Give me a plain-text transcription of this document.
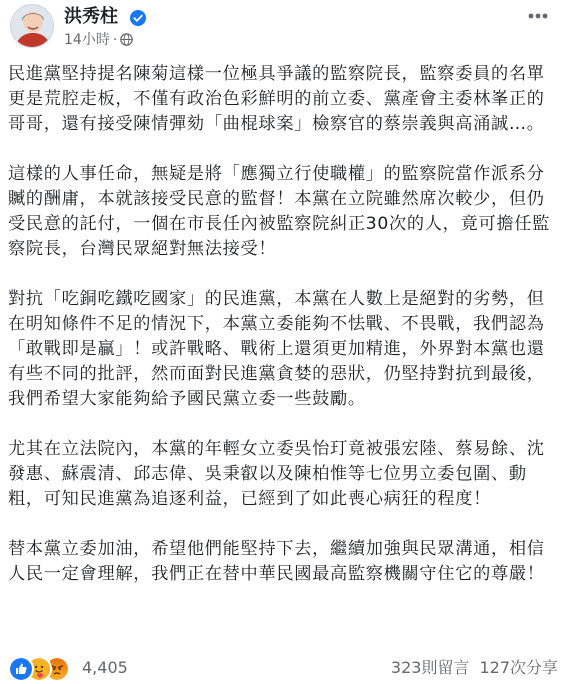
洪秀柱
14小時 ·

民進黨堅持提名陳菊這樣一位極具爭議的監察院長，監察委員的名單更是荒腔走板，不僅有政治色彩鮮明的前立委、黨產會主委林峯正的哥哥，還有接受陳情彈劾「曲棍球案」檢察官的蔡崇義與高涌誠…。

這樣的人事任命，無疑是將「應獨立行使職權」的監察院當作派系分贓的酬庸，本就該接受民意的監督！本黨在立院雖然席次較少，但仍受民意的託付，一個在市長任內被監察院糾正30次的人，竟可擔任監察院長，台灣民眾絕對無法接受！

對抗「吃銅吃鐵吃國家」的民進黨，本黨在人數上是絕對的劣勢，但在明知條件不足的情況下，本黨立委能夠不怯戰、不畏戰，我們認為「敢戰即是贏」！或許戰略、戰術上還須更加精進，外界對本黨也還有些不同的批評，然而面對民進黨貪婪的惡狀，仍堅持對抗到最後，我們希望大家能夠給予國民黨立委一些鼓勵。

尤其在立法院內，本黨的年輕女立委吳怡玎竟被張宏陸、蔡易餘、沈發惠、蘇震清、邱志偉、吳秉叡以及陳柏惟等七位男立委包圍、動粗，可知民進黨為追逐利益，已經到了如此喪心病狂的程度！

替本黨立委加油，希望他們能堅持下去，繼續加強與民眾溝通，相信人民一定會理解，我們正在替中華民國最高監察機關守住它的尊嚴！

4,405	323則留言 127次分享
